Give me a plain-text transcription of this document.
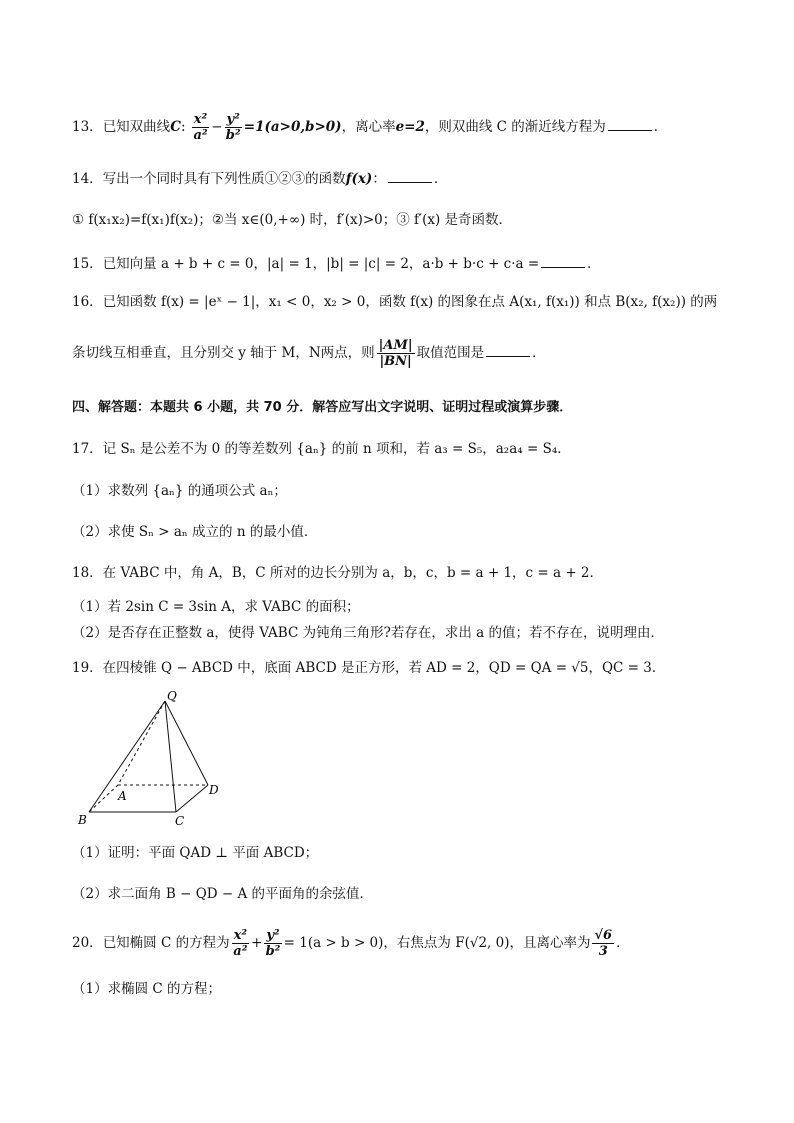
13．已知双曲线C: $\frac{\text{x²}}{\text{a²}} - \frac{\text{y²}}{\text{b²}} =1(a>0,b>0)$，离心率e=2，则双曲线 C 的渐近线方程为	．
14．写出一个同时具有下列性质①②③的函数f(x)：	．
① f(x₁x₂)=f(x₁)f(x₂)；②当 x∈(0,+∞) 时，f′(x)>0；③ f′(x) 是奇函数．
15．已知向量 a + b + c = 0，|a| = 1，|b| = |c| = 2，a·b + b·c + c·a =	．
16．已知函数 f(x) = |eˣ − 1|，x₁ < 0，x₂ > 0，函数 f(x) 的图象在点 A(x₁, f(x₁)) 和点 B(x₂, f(x₂)) 的两
条切线互相垂直，且分别交 y 轴于 M，N两点，则 $\frac{|AM|}{|BN|}$ 取值范围是	．
四、解答题：本题共 6 小题，共 70 分．解答应写出文字说明、证明过程或演算步骤．
17．记 Sₙ 是公差不为 0 的等差数列 {aₙ} 的前 n 项和，若 a₃ = S₅，a₂a₄ = S₄．
（1）求数列 {aₙ} 的通项公式 aₙ；
（2）求使 Sₙ > aₙ 成立的 n 的最小值．
18．在 VABC 中，角 A，B，C 所对的边长分别为 a，b，c，b = a + 1，c = a + 2．
（1）若 2sin C = 3sin A，求 VABC 的面积；
（2）是否存在正整数 a，使得 VABC 为钝角三角形?若存在，求出 a 的值；若不存在，说明理由．
19．在四棱锥 Q − ABCD 中，底面 ABCD 是正方形，若 AD = 2，QD = QA = √5，QC = 3．
Q
A
B	C
D
（1）证明：平面 QAD ⊥ 平面 ABCD；
（2）求二面角 B − QD − A 的平面角的余弦值．
20．已知椭圆 C 的方程为 $\frac{\text{x²}}{\text{a²}} + \frac{\text{y²}}{\text{b²}} = 1(a > b > 0)$，右焦点为 F(√2, 0)，且离心率为 $\frac{√6}{3}$ ．
（1）求椭圆 C 的方程；
